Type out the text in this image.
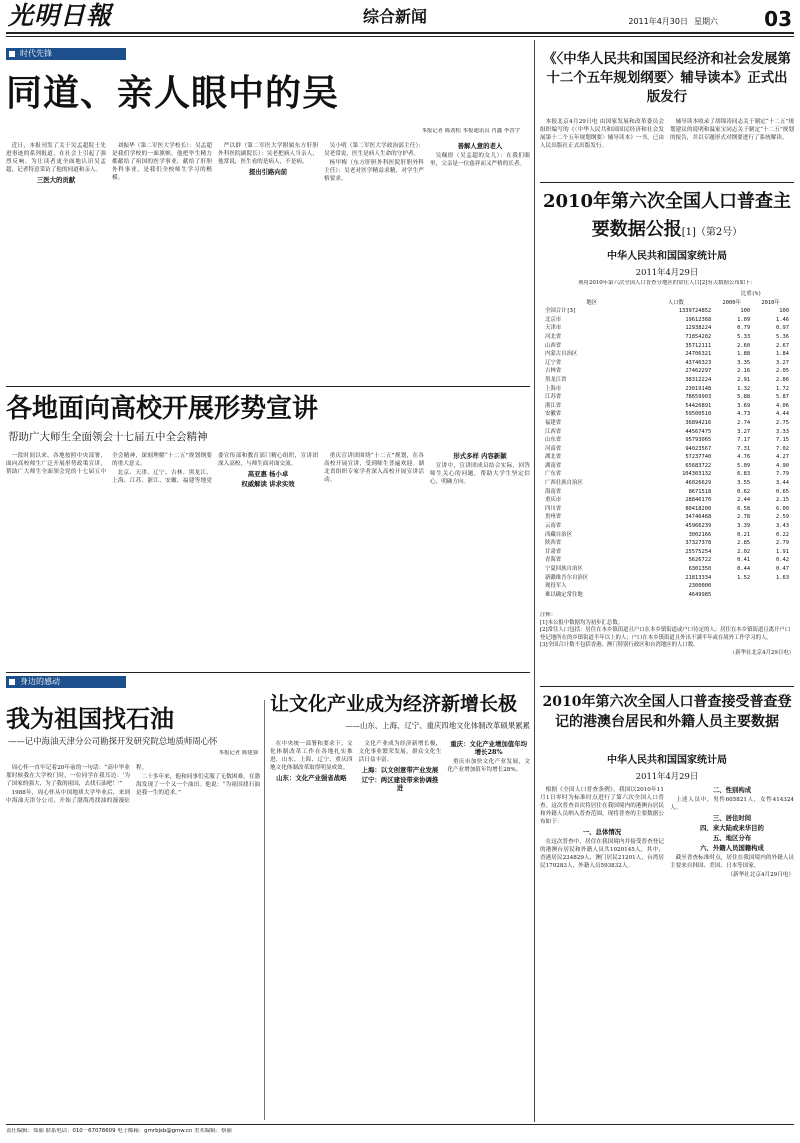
光明日報	综合新闻	2011年4月30日 星期六	03
时代先锋
同道、亲人眼中的吴
本报记者 陈劲松 本报通讯员 肖鑫 李晋宇

近日，本报刊发了关于吴孟超院士先进事迹的系列报道，在社会上引起了强烈反响。为让读者更全面地认识吴孟超，记者特意采访了他的同道和亲人。

三医大的贡献

刘振华（第二军医大学校长）：吴孟超是我们学校的一面旗帜。他把毕生精力都献给了祖国的医学事业，献给了肝胆外科事业，是我们全校师生学习的楷模。

严以群（第二军医大学附属东方肝胆外科医院副院长）：吴老把病人当亲人，他常说，医生看的是病人，不是病。

提出引路向前

吴小明（第二军医大学政治部主任）：吴老常说，医生是病人生命的守护者。

杨甲梅（东方肝胆外科医院肝胆外科主任）：吴老对医学精益求精，对学生严格要求。

善解人意的老人

吴佩煜（吴孟超的女儿）：在我们眼里，父亲是一位慈祥而又严格的长者。

各地面向高校开展形势宣讲
帮助广大师生全面领会十七届五中全会精神

一段时间以来，各地按照中央部署，面向高校师生广泛开展形势政策宣讲，帮助广大师生全面领会党的十七届五中全会精神，深刻理解“十二五”规划纲要的重大意义。

北京、天津、辽宁、吉林、黑龙江、上海、江苏、浙江、安徽、福建等地党委宣传部和教育部门精心组织，宣讲团深入高校，与师生面对面交流。

高亚惠 杨小卓
权威解读 讲求实效

重庆宣讲团围绕“十二五”规划，在各高校开展宣讲，受到师生普遍欢迎。湖北省组织专家学者深入高校开展宣讲活动。

形式多样 内容新颖

宣讲中，宣讲团成员结合实际，回答师生关心的问题，帮助大学生坚定信心，明确方向。

身边的感动
我为祖国找石油
——记中海油天津分公司勘探开发研究院总地质师周心怀
本报记者 陈建强

周心怀一直牢记着20年前的一句话：“高中毕业那时候我在大学校门时，一位同学在我耳边：‘为了国家的强大，为了我的祖国，去找石油吧！’”

1988年，周心怀从中国地质大学毕业后，来到中海油天津分公司，开始了渤海湾找油的漫漫征程。

二十多年来，他和同事们克服了无数困难，在渤海发现了一个又一个油田。他说：“为祖国找石油是我一生的追求。”

让文化产业成为经济新增长极
——山东、上海、辽宁、重庆四地文化体制改革硕果累累

在中央统一部署和要求下，文化体制改革工作在各地扎实推进，山东、上海、辽宁、重庆四地文化体制改革取得明显成效。

山东：文化产业强省战略

文化产业成为经济新增长极，文化事业繁荣发展，群众文化生活日益丰富。

上海：以文创意带产业发展
辽宁：两区建设带来协调推进
重庆：文化产业增加值年均增长28%

重庆市加快文化产业发展，文化产业增加值年均增长28%。

《〈中华人民共和国国民经济和社会发展第十二个五年规划纲要〉辅导读本》正式出版发行

本报北京4月29日电 由国家发展和改革委员会组织编写的《〈中华人民共和国国民经济和社会发展第十二个五年规划纲要〉辅导读本》一书，已由人民出版社正式出版发行。

辅导读本收录了胡锦涛同志关于制定“十二五”规划建议的说明和温家宝同志关于制定“十二五”规划的报告，并以专题形式对纲要进行了系统解读。

2010年第六次全国人口普查主要数据公报[1]（第2号）
中华人民共和国国家统计局
2011年4月29日
现将2010年第六次全国人口普查分地区的常住人口[2]有关数据公布如下：
		比重(%)	
地区	人口数	2000年	2010年
全国合计[3]	1339724852	100	100
北京市	19612368	1.09	1.46
天津市	12938224	0.79	0.97
河北省	71854202	5.33	5.36
山西省	35712111	2.60	2.67
内蒙古自治区	24706321	1.88	1.84
辽宁省	43746323	3.35	3.27
吉林省	27462297	2.16	2.05
黑龙江省	38312224	2.91	2.86
上海市	23019148	1.32	1.72
江苏省	78659903	5.88	5.87
浙江省	54426891	3.69	4.06
安徽省	59500510	4.73	4.44
福建省	36894216	2.74	2.75
江西省	44567475	3.27	3.33
山东省	95793065	7.17	7.15
河南省	94023567	7.31	7.02
湖北省	57237740	4.76	4.27
湖南省	65683722	5.09	4.90
广东省	104303132	6.83	7.79
广西壮族自治区	46026629	3.55	3.44
海南省	8671518	0.62	0.65
重庆市	28846170	2.44	2.15
四川省	80418200	6.58	6.00
贵州省	34746468	2.78	2.59
云南省	45966239	3.39	3.43
西藏自治区	3002166	0.21	0.22
陕西省	37327378	2.85	2.79
甘肃省	25575254	2.02	1.91
青海省	5626722	0.41	0.42
宁夏回族自治区	6301350	0.44	0.47
新疆维吾尔自治区	21813334	1.52	1.63
现役军人	2300000		
难以确定常住地	4649985		
注释：
[1]本公报中数据均为初步汇总数。
[2]常住人口包括：居住在本乡镇街道且户口在本乡镇街道或户口待定的人；居住在本乡镇街道且离开户口登记地所在的乡镇街道半年以上的人；户口在本乡镇街道且外出不满半年或在境外工作学习的人。
[3]全国合计数不包括香港、澳门特别行政区和台湾地区的人口数。
（新华社北京4月29日电）
2010年第六次全国人口普查接受普查登记的港澳台居民和外籍人员主要数据
中华人民共和国国家统计局
2011年4月29日

根据《全国人口普查条例》，我国以2010年11月1日零时为标准时点进行了第六次全国人口普查。这次普查首次将居住在我国境内的港澳台居民和外籍人员纳入普查范围，现将普查的主要数据公布如下：

一、总体情况

在这次普查中，居住在我国境内并接受普查登记的港澳台居民和外籍人员共1020145人，其中，香港居民234829人，澳门居民21201人，台湾居民170283人，外籍人员593832人。

二、性别构成

上述人员中，男性605821人，女性414324人。

三、居住时间
四、来大陆或来华目的
五、地区分布
六、外籍人员国籍构成

截至普查标准时点，居住在我国境内的外籍人员主要来自韩国、美国、日本等国家。

（新华社北京4月29日电）
责任编辑：郑丽 联系电话：010－67078609 电子邮箱：gmrbjsb@gmw.cn 美术编辑：蔡丽
